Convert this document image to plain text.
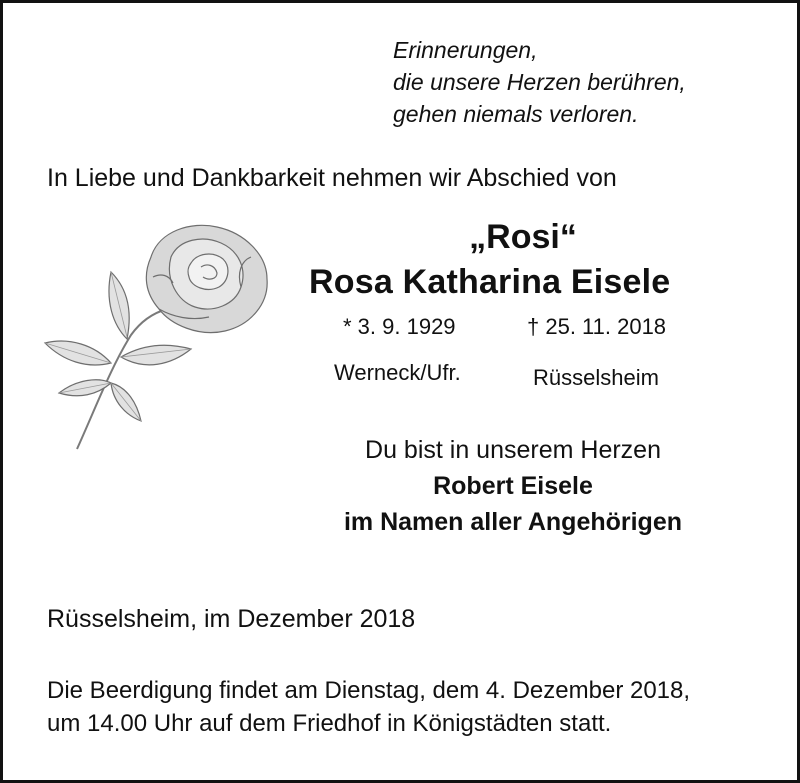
Erinnerungen,
die unsere Herzen berühren,
gehen niemals verloren.
In Liebe und Dankbarkeit nehmen wir Abschied von
„Rosi“
Rosa Katharina Eisele
* 3. 9. 1929	† 25. 11. 2018
Werneck/Ufr.	Rüsselsheim
Du bist in unserem Herzen
Robert Eisele
im Namen aller Angehörigen
Rüsselsheim, im Dezember 2018
Die Beerdigung findet am Dienstag, dem 4. Dezember 2018,
um 14.00 Uhr auf dem Friedhof in Königstädten statt.
